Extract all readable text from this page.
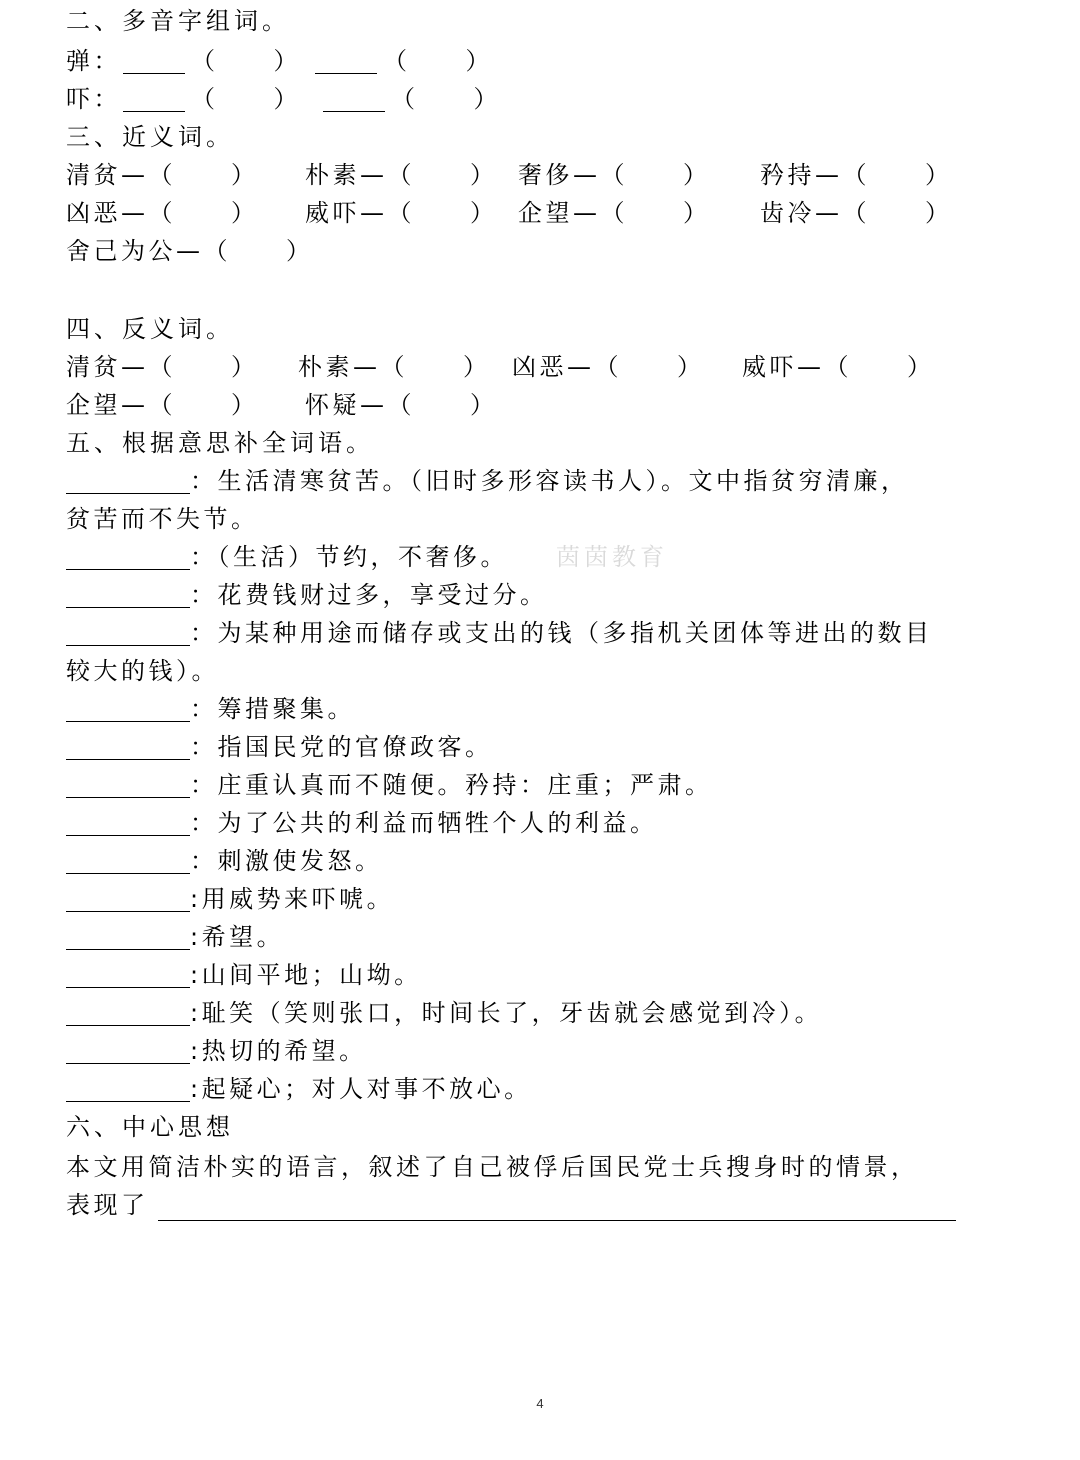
二、多音字组词。
弹：	（　　）	（　　）
吓：	（　　）	（　　）
三、近义词。
清贫—（　　） 朴素—（　　） 奢侈—（　　） 矜持—（　　）
凶恶—（　　） 威吓—（　　） 企望—（　　） 齿冷—（　　）
舍己为公—（　　）
四、反义词。
清贫—（　　） 朴素—（　　） 凶恶—（　　） 威吓—（　　）
企望—（　　） 怀疑—（　　）
五、根据意思补全词语。
：生活清寒贫苦。（旧时多形容读书人）。文中指贫穷清廉，
贫苦而不失节。
：（生活）节约，不奢侈。 茵茵教育
：花费钱财过多，享受过分。
：为某种用途而储存或支出的钱（多指机关团体等进出的数目
较大的钱）。
：筹措聚集。
：指国民党的官僚政客。
：庄重认真而不随便。矜持：庄重；严肃。
：为了公共的利益而牺牲个人的利益。
：刺激使发怒。
:用威势来吓唬。
:希望。
:山间平地；山坳。
:耻笑（笑则张口，时间长了，牙齿就会感觉到冷）。
:热切的希望。
:起疑心；对人对事不放心。
六、中心思想
本文用简洁朴实的语言，叙述了自己被俘后国民党士兵搜身时的情景，
表现了
4
